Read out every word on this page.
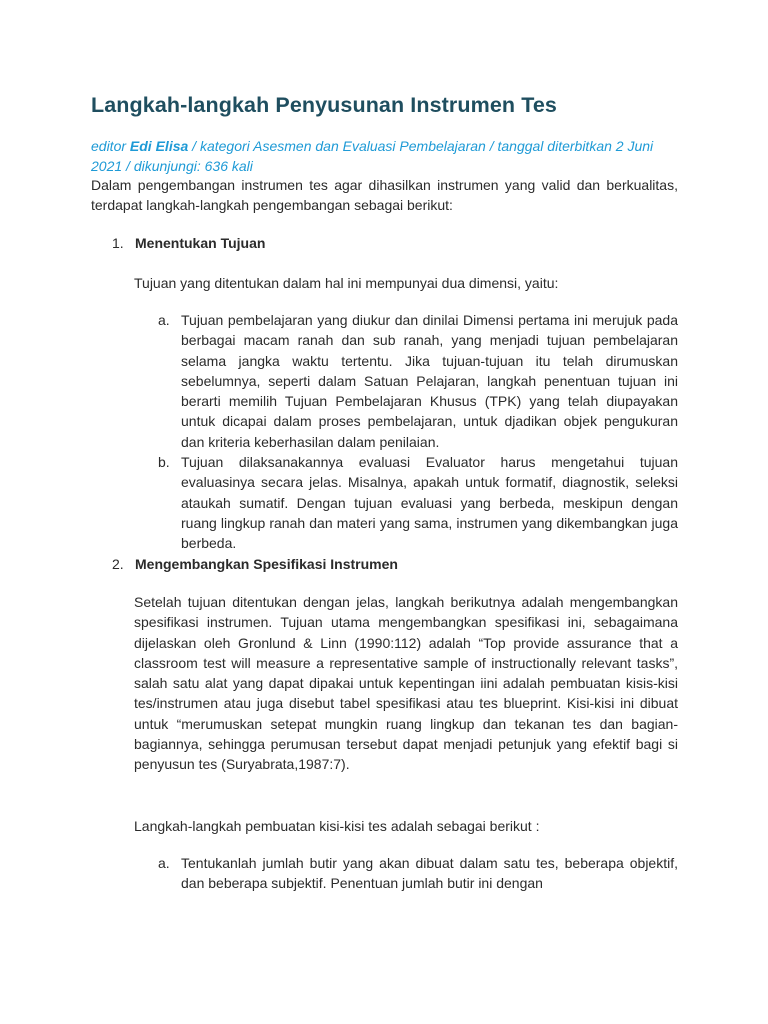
Langkah-langkah Penyusunan Instrumen Tes

editor Edi Elisa / kategori Asesmen dan Evaluasi Pembelajaran / tanggal diterbitkan 2 Juni 2021 / dikunjungi: 636 kali

Dalam pengembangan instrumen tes agar dihasilkan instrumen yang valid dan berkualitas, terdapat langkah-langkah pengembangan sebagai berikut:

1. Menentukan Tujuan

Tujuan yang ditentukan dalam hal ini mempunyai dua dimensi, yaitu:

a. Tujuan pembelajaran yang diukur dan dinilai Dimensi pertama ini merujuk pada berbagai macam ranah dan sub ranah, yang menjadi tujuan pembelajaran selama jangka waktu tertentu. Jika tujuan-tujuan itu telah dirumuskan sebelumnya, seperti dalam Satuan Pelajaran, langkah penentuan tujuan ini berarti memilih Tujuan Pembelajaran Khusus (TPK) yang telah diupayakan untuk dicapai dalam proses pembelajaran, untuk djadikan objek pengukuran dan kriteria keberhasilan dalam penilaian.

b. Tujuan dilaksanakannya evaluasi Evaluator harus mengetahui tujuan evaluasinya secara jelas. Misalnya, apakah untuk formatif, diagnostik, seleksi ataukah sumatif. Dengan tujuan evaluasi yang berbeda, meskipun dengan ruang lingkup ranah dan materi yang sama, instrumen yang dikembangkan juga berbeda.

2. Mengembangkan Spesifikasi Instrumen

Setelah tujuan ditentukan dengan jelas, langkah berikutnya adalah mengembangkan spesifikasi instrumen. Tujuan utama mengembangkan spesifikasi ini, sebagaimana dijelaskan oleh Gronlund & Linn (1990:112) adalah “Top provide assurance that a classroom test will measure a representative sample of instructionally relevant tasks”, salah satu alat yang dapat dipakai untuk kepentingan iini adalah pembuatan kisis-kisi tes/instrumen atau juga disebut tabel spesifikasi atau tes blueprint. Kisi-kisi ini dibuat untuk “merumuskan setepat mungkin ruang lingkup dan tekanan tes dan bagian-bagiannya, sehingga perumusan tersebut dapat menjadi petunjuk yang efektif bagi si penyusun tes (Suryabrata,1987:7).

Langkah-langkah pembuatan kisi-kisi tes adalah sebagai berikut :

a. Tentukanlah jumlah butir yang akan dibuat dalam satu tes, beberapa objektif, dan beberapa subjektif. Penentuan jumlah butir ini dengan
